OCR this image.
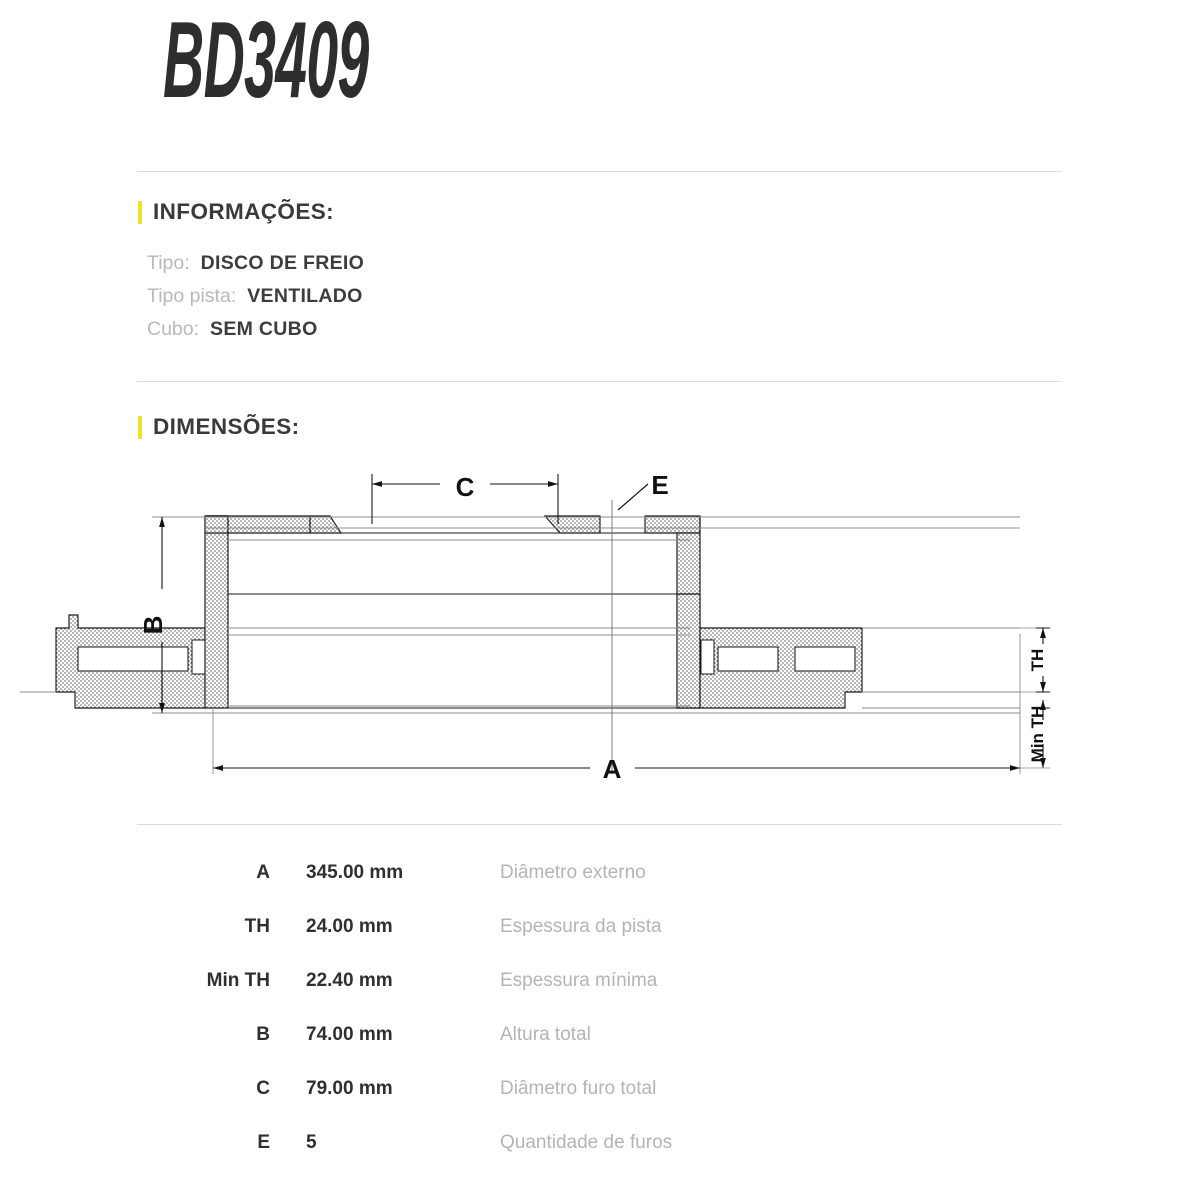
BD3409
INFORMAÇÕES:
Tipo: DISCO DE FREIO
Tipo pista: VENTILADO
Cubo: SEM CUBO
DIMENSÕES:
C	E
B
A
TH
Min TH
A	345.00 mm	Diâmetro externo
TH	24.00 mm	Espessura da pista
Min TH	22.40 mm	Espessura mínima
B	74.00 mm	Altura total
C	79.00 mm	Diâmetro furo total
E	5	Quantidade de furos
